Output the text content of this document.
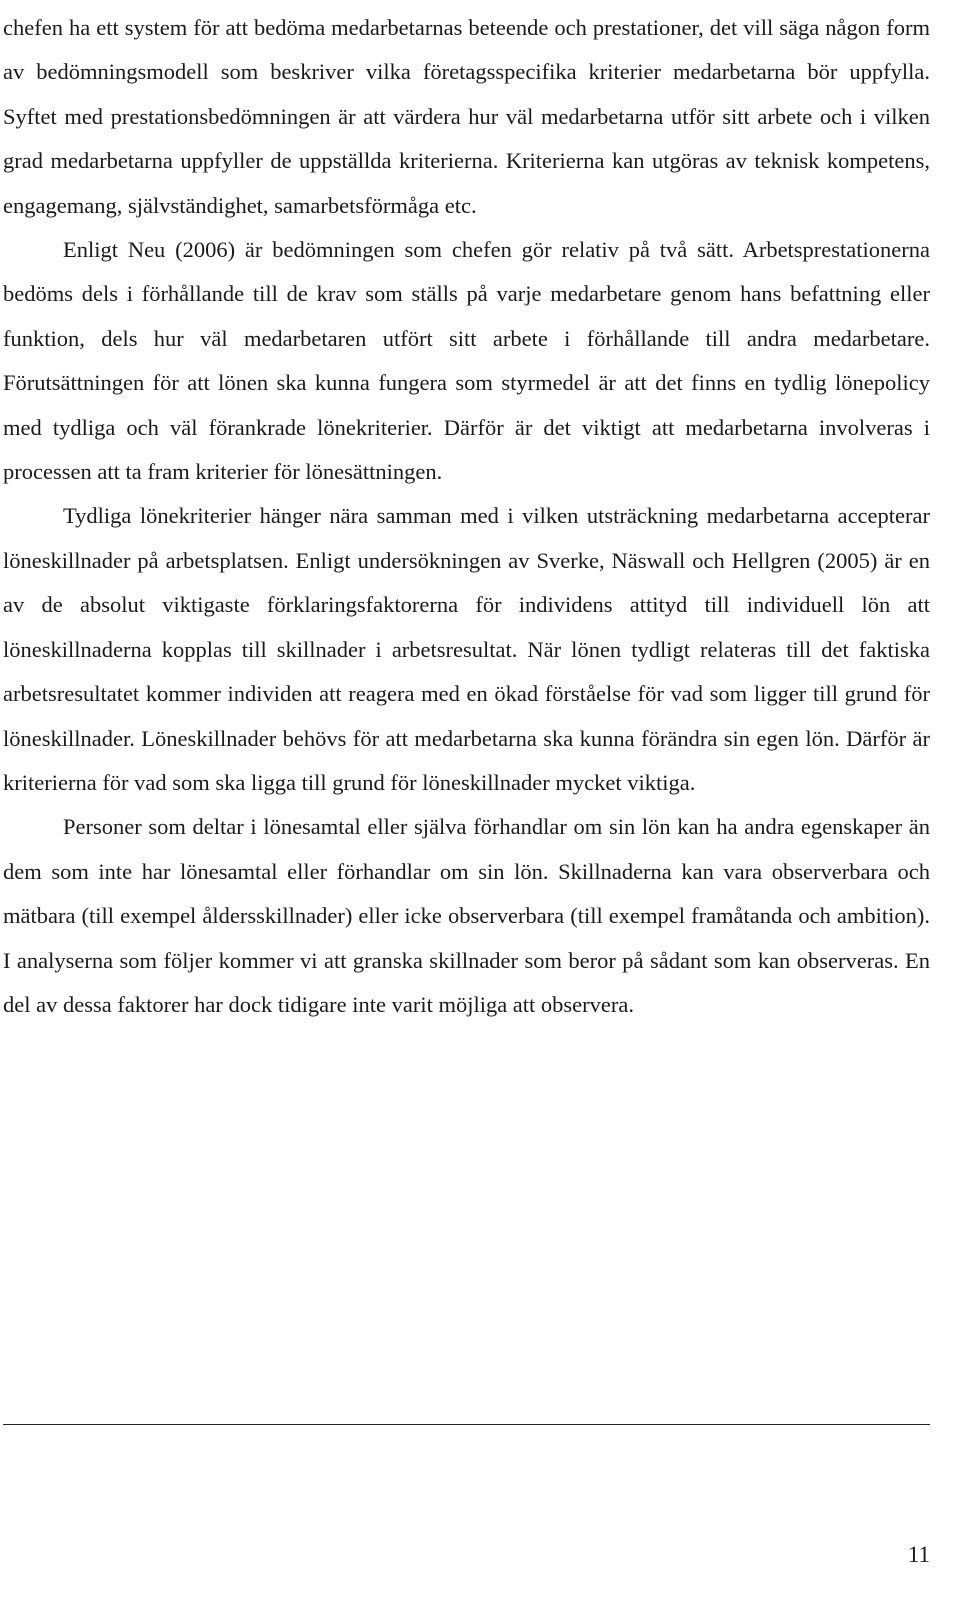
chefen ha ett system för att bedöma medarbetarnas beteende och prestationer, det vill säga någon form av bedömningsmodell som beskriver vilka företagsspecifika kriterier medarbetarna bör uppfylla. Syftet med prestationsbedömningen är att värdera hur väl medarbetarna utför sitt arbete och i vilken grad medarbetarna uppfyller de uppställda kriterierna. Kriterierna kan utgöras av teknisk kompetens, engagemang, självständighet, samarbetsförmåga etc.

Enligt Neu (2006) är bedömningen som chefen gör relativ på två sätt. Arbetsprestationerna bedöms dels i förhållande till de krav som ställs på varje medarbetare genom hans befattning eller funktion, dels hur väl medarbetaren utfört sitt arbete i förhållande till andra medarbetare. Förutsättningen för att lönen ska kunna fungera som styrmedel är att det finns en tydlig lönepolicy med tydliga och väl förankrade lönekriterier. Därför är det viktigt att medarbetarna involveras i processen att ta fram kriterier för lönesättningen.

Tydliga lönekriterier hänger nära samman med i vilken utsträckning medarbetarna accepterar löneskillnader på arbetsplatsen. Enligt undersökningen av Sverke, Näswall och Hellgren (2005) är en av de absolut viktigaste förklaringsfaktorerna för individens attityd till individuell lön att löneskillnaderna kopplas till skillnader i arbetsresultat. När lönen tydligt relateras till det faktiska arbetsresultatet kommer individen att reagera med en ökad förståelse för vad som ligger till grund för löneskillnader. Löneskillnader behövs för att medarbetarna ska kunna förändra sin egen lön. Därför är kriterierna för vad som ska ligga till grund för löneskillnader mycket viktiga.

Personer som deltar i lönesamtal eller själva förhandlar om sin lön kan ha andra egenskaper än dem som inte har lönesamtal eller förhandlar om sin lön. Skillnaderna kan vara observerbara och mätbara (till exempel åldersskillnader) eller icke observerbara (till exempel framåtanda och ambition). I analyserna som följer kommer vi att granska skillnader som beror på sådant som kan observeras. En del av dessa faktorer har dock tidigare inte varit möjliga att observera.

11
